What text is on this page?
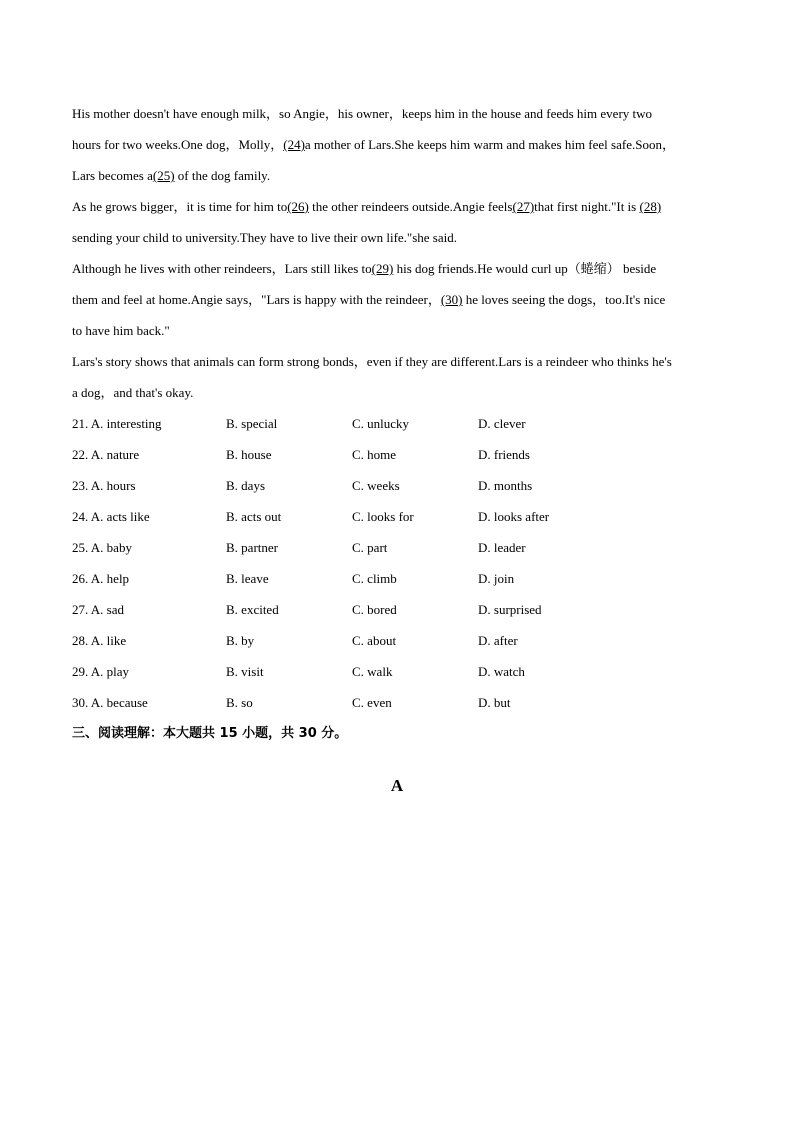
His mother doesn't have enough milk，so Angie，his owner，keeps him in the house and feeds him every two
hours for two weeks.One dog，Molly，(24)a mother of Lars.She keeps him warm and makes him feel safe.Soon，
Lars becomes a(25) of the dog family.
As he grows bigger，it is time for him to(26) the other reindeers outside.Angie feels(27)that first night."It is (28)
sending your child to university.They have to live their own life."she said.
Although he lives with other reindeers，Lars still likes to(29) his dog friends.He would curl up（蜷缩） beside
them and feel at home.Angie says，"Lars is happy with the reindeer，(30) he loves seeing the dogs，too.It's nice
to have him back."
Lars's story shows that animals can form strong bonds，even if they are different.Lars is a reindeer who thinks he's
a dog，and that's okay.
21. A. interesting	B. special	C. unlucky	D. clever
22. A. nature	B. house	C. home	D. friends
23. A. hours	B. days	C. weeks	D. months
24. A. acts like	B. acts out	C. looks for	D. looks after
25. A. baby	B. partner	C. part	D. leader
26. A. help	B. leave	C. climb	D. join
27. A. sad	B. excited	C. bored	D. surprised
28. A. like	B. by	C. about	D. after
29. A. play	B. visit	C. walk	D. watch
30. A. because	B. so	C. even	D. but
三、阅读理解：本大题共 15 小题，共 30 分。
A
